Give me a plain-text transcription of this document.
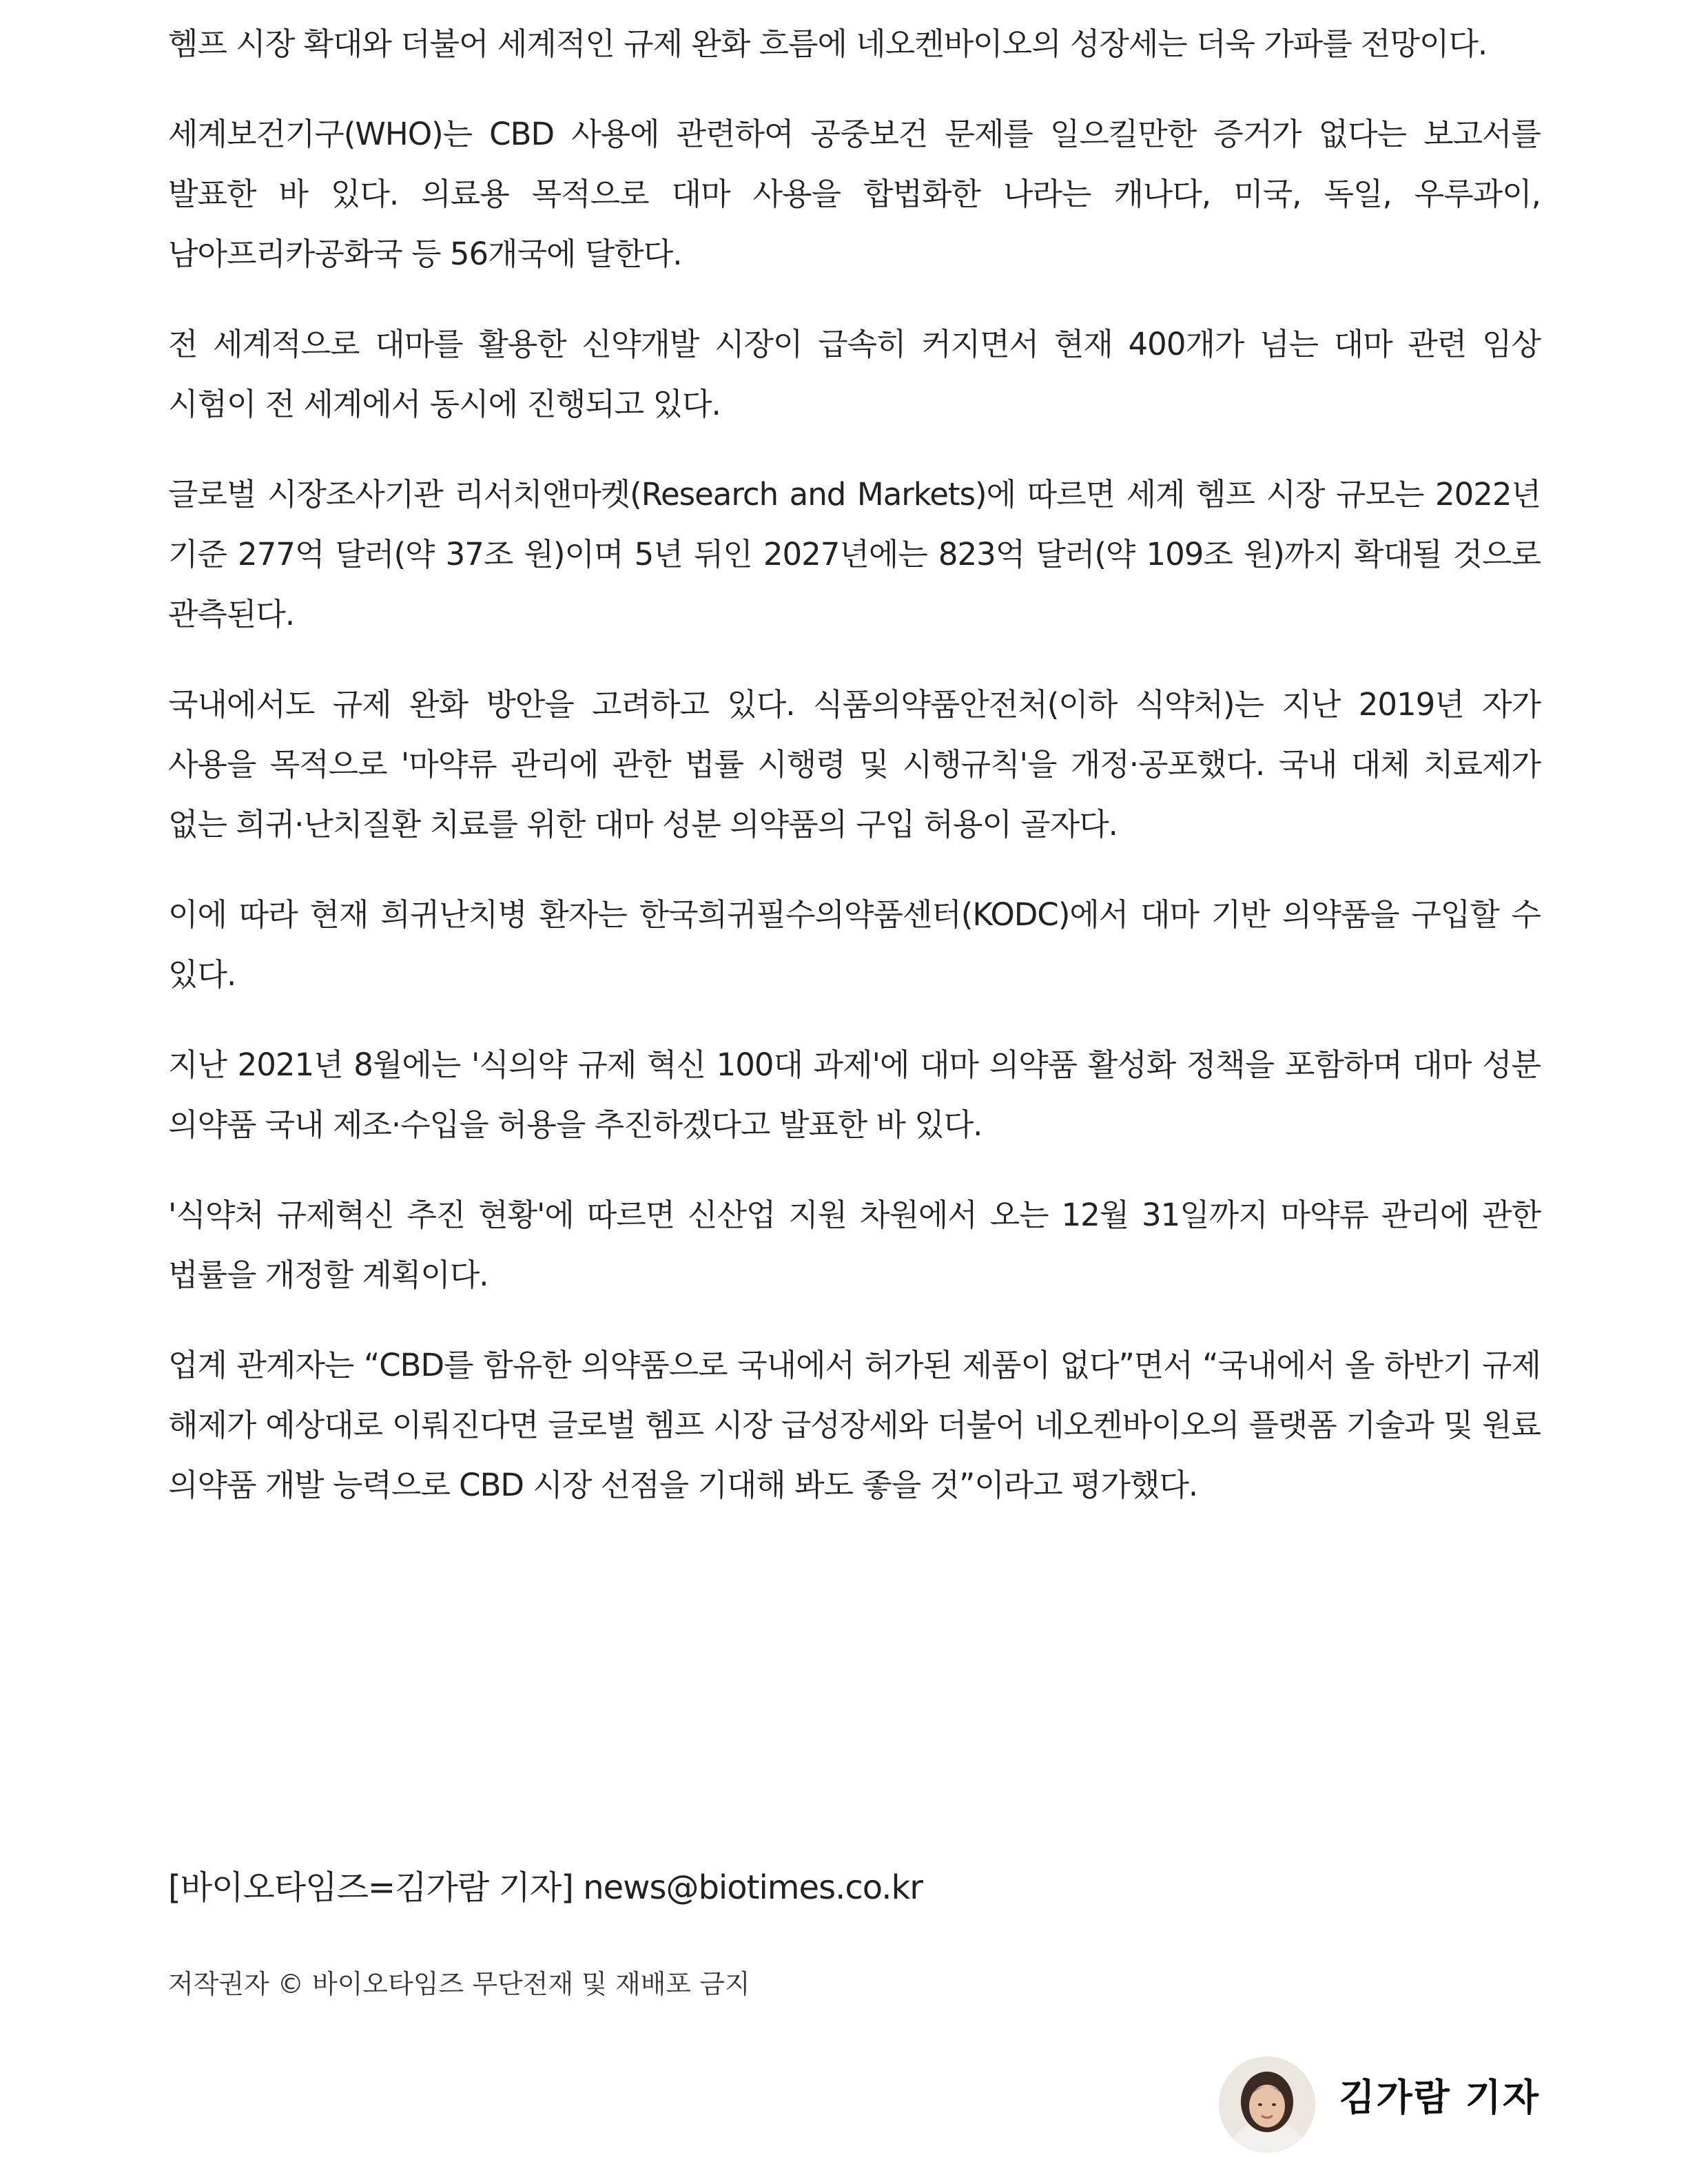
헴프 시장 확대와 더불어 세계적인 규제 완화 흐름에 네오켄바이오의 성장세는 더욱 가파를 전망이다.

세계보건기구(WHO)는 CBD 사용에 관련하여 공중보건 문제를 일으킬만한 증거가 없다는 보고서를 발표한 바 있다. 의료용 목적으로 대마 사용을 합법화한 나라는 캐나다, 미국, 독일, 우루과이, 남아프리카공화국 등 56개국에 달한다.

전 세계적으로 대마를 활용한 신약개발 시장이 급속히 커지면서 현재 400개가 넘는 대마 관련 임상 시험이 전 세계에서 동시에 진행되고 있다.

글로벌 시장조사기관 리서치앤마켓(Research and Markets)에 따르면 세계 헴프 시장 규모는 2022년 기준 277억 달러(약 37조 원)이며 5년 뒤인 2027년에는 823억 달러(약 109조 원)까지 확대될 것으로 관측된다.

국내에서도 규제 완화 방안을 고려하고 있다. 식품의약품안전처(이하 식약처)는 지난 2019년 자가 사용을 목적으로 '마약류 관리에 관한 법률 시행령 및 시행규칙'을 개정·공포했다. 국내 대체 치료제가 없는 희귀·난치질환 치료를 위한 대마 성분 의약품의 구입 허용이 골자다.

이에 따라 현재 희귀난치병 환자는 한국희귀필수의약품센터(KODC)에서 대마 기반 의약품을 구입할 수 있다.

지난 2021년 8월에는 '식의약 규제 혁신 100대 과제'에 대마 의약품 활성화 정책을 포함하며 대마 성분 의약품 국내 제조·수입을 허용을 추진하겠다고 발표한 바 있다.

'식약처 규제혁신 추진 현황'에 따르면 신산업 지원 차원에서 오는 12월 31일까지 마약류 관리에 관한 법률을 개정할 계획이다.

업계 관계자는 “CBD를 함유한 의약품으로 국내에서 허가된 제품이 없다”면서 “국내에서 올 하반기 규제 해제가 예상대로 이뤄진다면 글로벌 헴프 시장 급성장세와 더불어 네오켄바이오의 플랫폼 기술과 및 원료 의약품 개발 능력으로 CBD 시장 선점을 기대해 봐도 좋을 것”이라고 평가했다.

[바이오타임즈=김가람 기자] news@biotimes.co.kr
저작권자 © 바이오타임즈 무단전재 및 재배포 금지
김가람 기자
